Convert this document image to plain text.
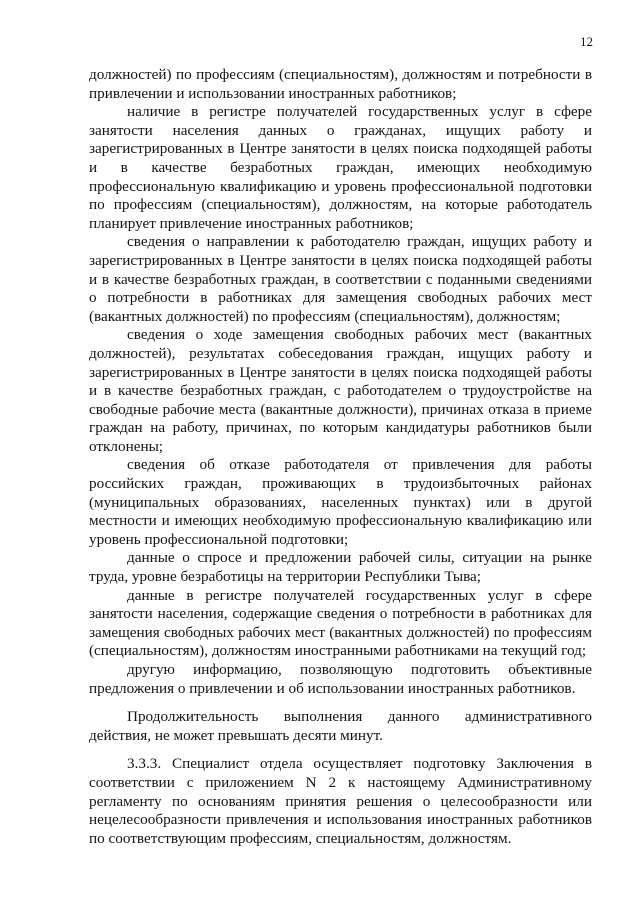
12

должностей) по профессиям (специальностям), должностям и потребности в привлечении и использовании иностранных работников;

наличие в регистре получателей государственных услуг в сфере занятости населения данных о гражданах, ищущих работу и зарегистрированных в Центре занятости в целях поиска подходящей работы и в качестве безработных граждан, имеющих необходимую профессиональную квалификацию и уровень профессиональной подготовки по профессиям (специальностям), должностям, на которые работодатель планирует привлечение иностранных работников;

сведения о направлении к работодателю граждан, ищущих работу и зарегистрированных в Центре занятости в целях поиска подходящей работы и в качестве безработных граждан, в соответствии с поданными сведениями о потребности в работниках для замещения свободных рабочих мест (вакантных должностей) по профессиям (специальностям), должностям;

сведения о ходе замещения свободных рабочих мест (вакантных должностей), результатах собеседования граждан, ищущих работу и зарегистрированных в Центре занятости в целях поиска подходящей работы и в качестве безработных граждан, с работодателем о трудоустройстве на свободные рабочие места (вакантные должности), причинах отказа в приеме граждан на работу, причинах, по которым кандидатуры работников были отклонены;

сведения об отказе работодателя от привлечения для работы российских граждан, проживающих в трудоизбыточных районах (муниципальных образованиях, населенных пунктах) или в другой местности и имеющих необходимую профессиональную квалификацию или уровень профессиональной подготовки;

данные о спросе и предложении рабочей силы, ситуации на рынке труда, уровне безработицы на территории Республики Тыва;

данные в регистре получателей государственных услуг в сфере занятости населения, содержащие сведения о потребности в работниках для замещения свободных рабочих мест (вакантных должностей) по профессиям (специальностям), должностям иностранными работниками на текущий год;

другую информацию, позволяющую подготовить объективные предложения о привлечении и об использовании иностранных работников.

Продолжительность выполнения данного административного действия, не может превышать десяти минут.

3.3.3. Специалист отдела осуществляет подготовку Заключения в соответствии с приложением N 2 к настоящему Административному регламенту по основаниям принятия решения о целесообразности или нецелесообразности привлечения и использования иностранных работников по соответствующим профессиям, специальностям, должностям.
